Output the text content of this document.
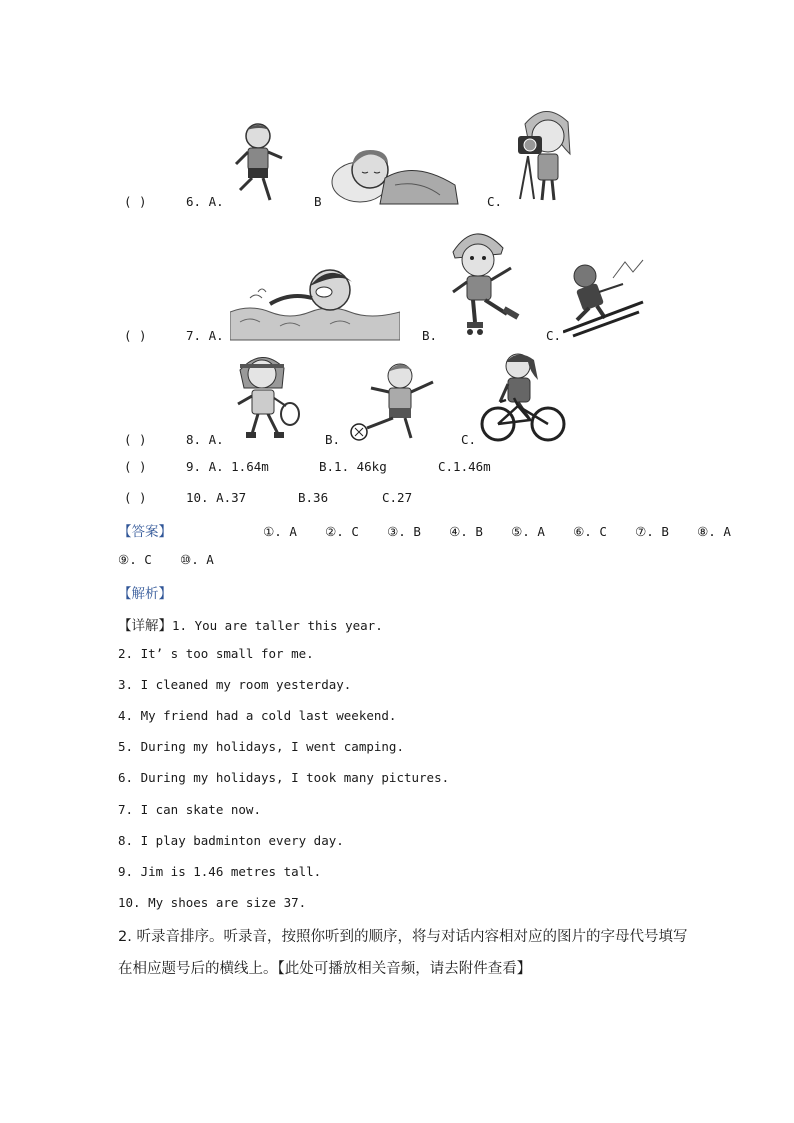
( )	6. A.	B	C.
( )	7. A.	B.	C.
( )	8. A.	B.	C.
( )	9. A. 1.64m	B.1. 46kg	C.1.46m
( )	10. A.37	B.36	C.27
【答案】	①. A ②. C ③. B ④. B ⑤. A ⑥. C ⑦. B ⑧. A
⑨. C ⑩. A
【解析】
【详解】1. You are taller this year.
2. It’ s too small for me.
3. I cleaned my room yesterday.
4. My friend had a cold last weekend.
5. During my holidays, I went camping.
6. During my holidays, I took many pictures.
7. I can skate now.
8. I play badminton every day.
9. Jim is 1.46 metres tall.
10. My shoes are size 37.
2. 听录音排序。听录音，按照你听到的顺序，将与对话内容相对应的图片的字母代号填写
在相应题号后的横线上。【此处可播放相关音频，请去附件查看】
